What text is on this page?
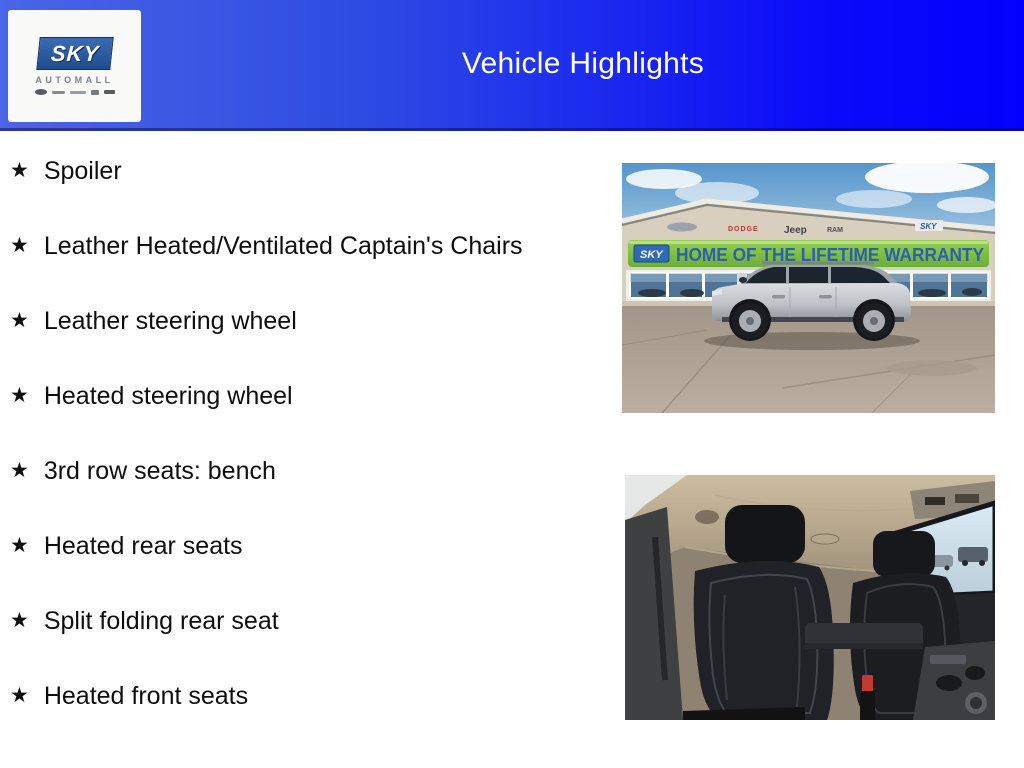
Vehicle Highlights
SKY
AUTOMALL
★ Spoiler
★ Leather Heated/Ventilated Captain's Chairs
★ Leather steering wheel
★ Heated steering wheel
★ 3rd row seats: bench
★ Heated rear seats
★ Split folding rear seat
★ Heated front seats
DODGE	Jeep	RAM	SKY
SKY HOME OF THE LIFETIME WARRANTY
